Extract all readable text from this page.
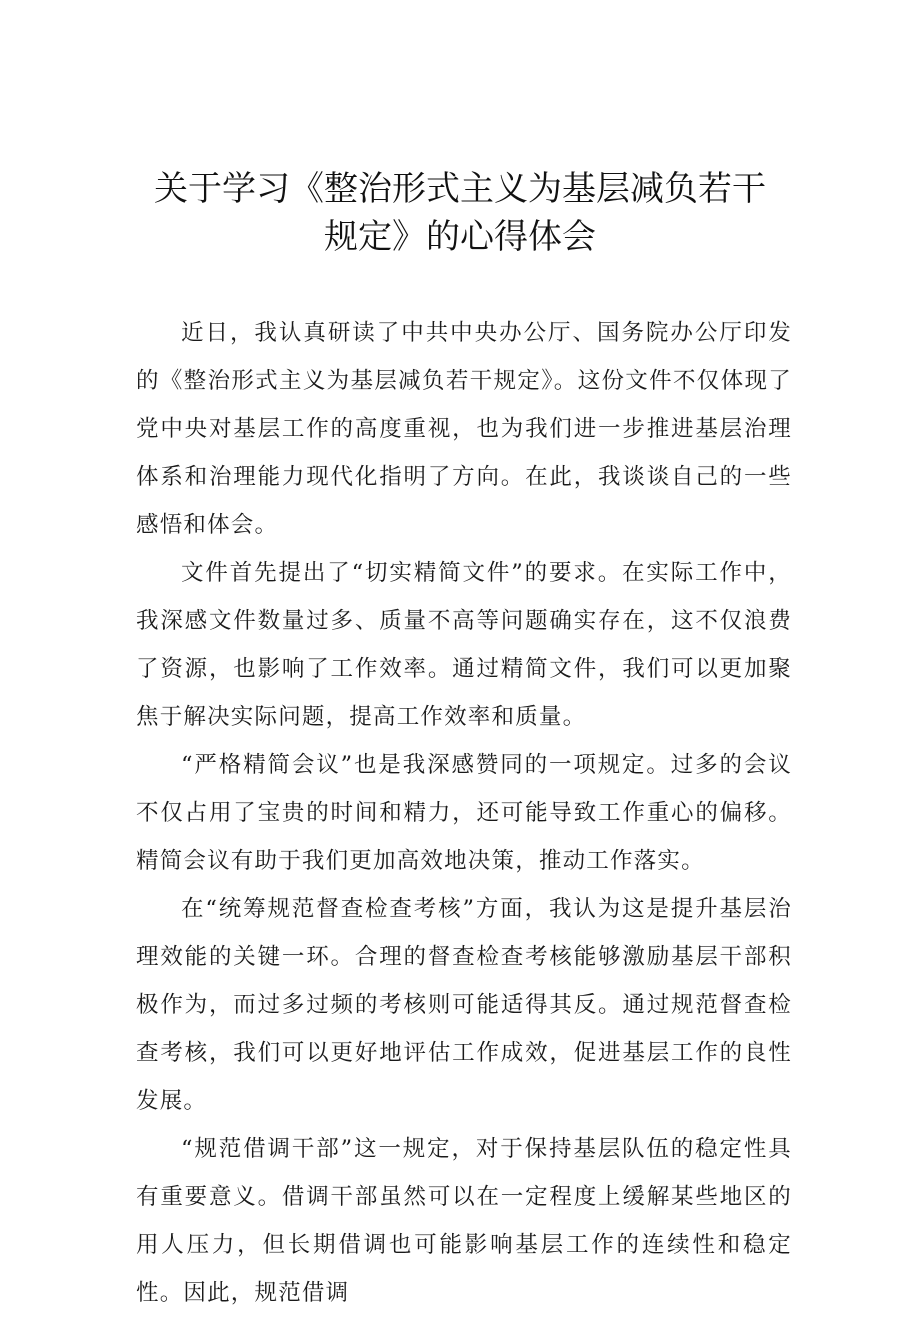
关于学习《整治形式主义为基层减负若干
规定》的心得体会

近日，我认真研读了中共中央办公厅、国务院办公厅印发的《整治形式主义为基层减负若干规定》。这份文件不仅体现了党中央对基层工作的高度重视，也为我们进一步推进基层治理体系和治理能力现代化指明了方向。在此，我谈谈自己的一些感悟和体会。

文件首先提出了“切实精简文件”的要求。在实际工作中，我深感文件数量过多、质量不高等问题确实存在，这不仅浪费了资源，也影响了工作效率。通过精简文件，我们可以更加聚焦于解决实际问题，提高工作效率和质量。

“严格精简会议”也是我深感赞同的一项规定。过多的会议不仅占用了宝贵的时间和精力，还可能导致工作重心的偏移。精简会议有助于我们更加高效地决策，推动工作落实。

在“统筹规范督查检查考核”方面，我认为这是提升基层治理效能的关键一环。合理的督查检查考核能够激励基层干部积极作为，而过多过频的考核则可能适得其反。通过规范督查检查考核，我们可以更好地评估工作成效，促进基层工作的良性发展。

“规范借调干部”这一规定，对于保持基层队伍的稳定性具有重要意义。借调干部虽然可以在一定程度上缓解某些地区的用人压力，但长期借调也可能影响基层工作的连续性和稳定性。因此，规范借调
